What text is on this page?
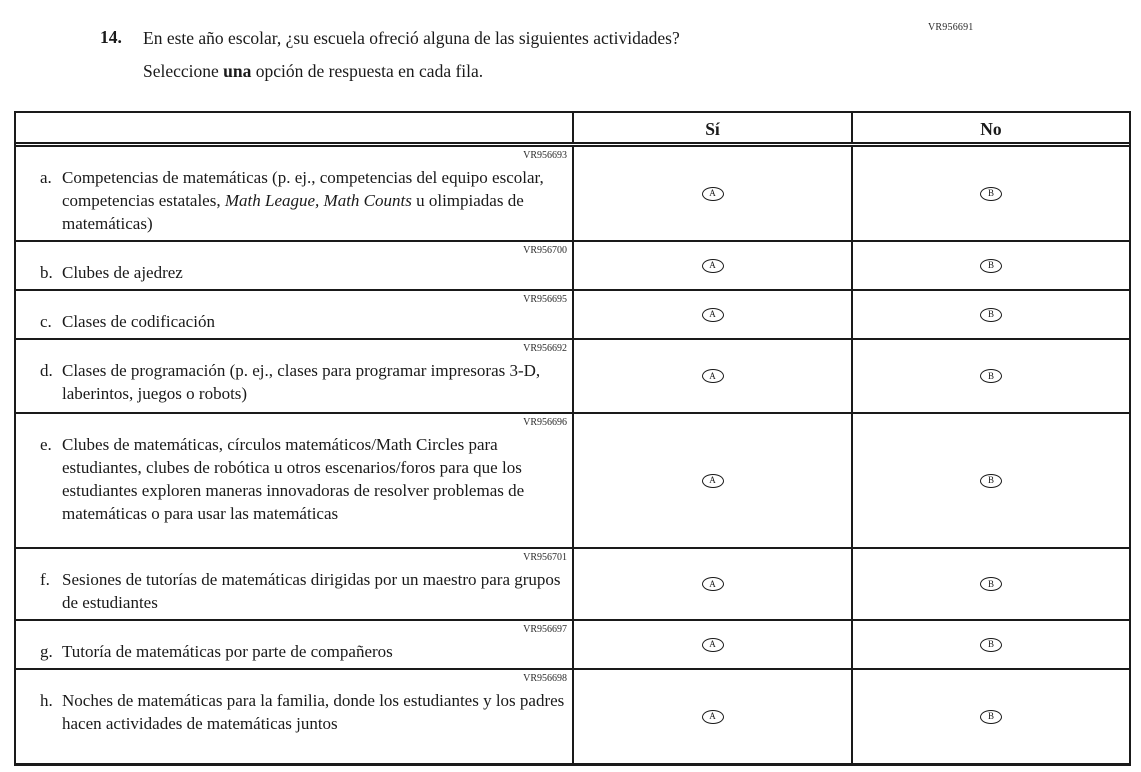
VR956691
14.	En este año escolar, ¿su escuela ofreció alguna de las siguientes actividades?
Seleccione una opción de respuesta en cada fila.
Sí	No
VR956693
a. Competencias de matemáticas (p. ej., competencias del equipo escolar, competencias estatales, Math League, Math Counts u olimpiadas de matemáticas)
A	B
VR956700
b. Clubes de ajedrez	A	B
VR956695
c. Clases de codificación	A	B
VR956692
d. Clases de programación (p. ej., clases para programar impresoras 3-D, laberintos, juegos o robots)
A	B
VR956696
e. Clubes de matemáticas, círculos matemáticos/Math Circles para estudiantes, clubes de robótica u otros escenarios/foros para que los estudiantes exploren maneras innovadoras de resolver problemas de matemáticas o para usar las matemáticas
A	B
VR956701
f. Sesiones de tutorías de matemáticas dirigidas por un maestro para grupos de estudiantes
A	B
VR956697
g. Tutoría de matemáticas por parte de compañeros	A	B
VR956698
h. Noches de matemáticas para la familia, donde los estudiantes y los padres hacen actividades de matemáticas juntos	A	B
